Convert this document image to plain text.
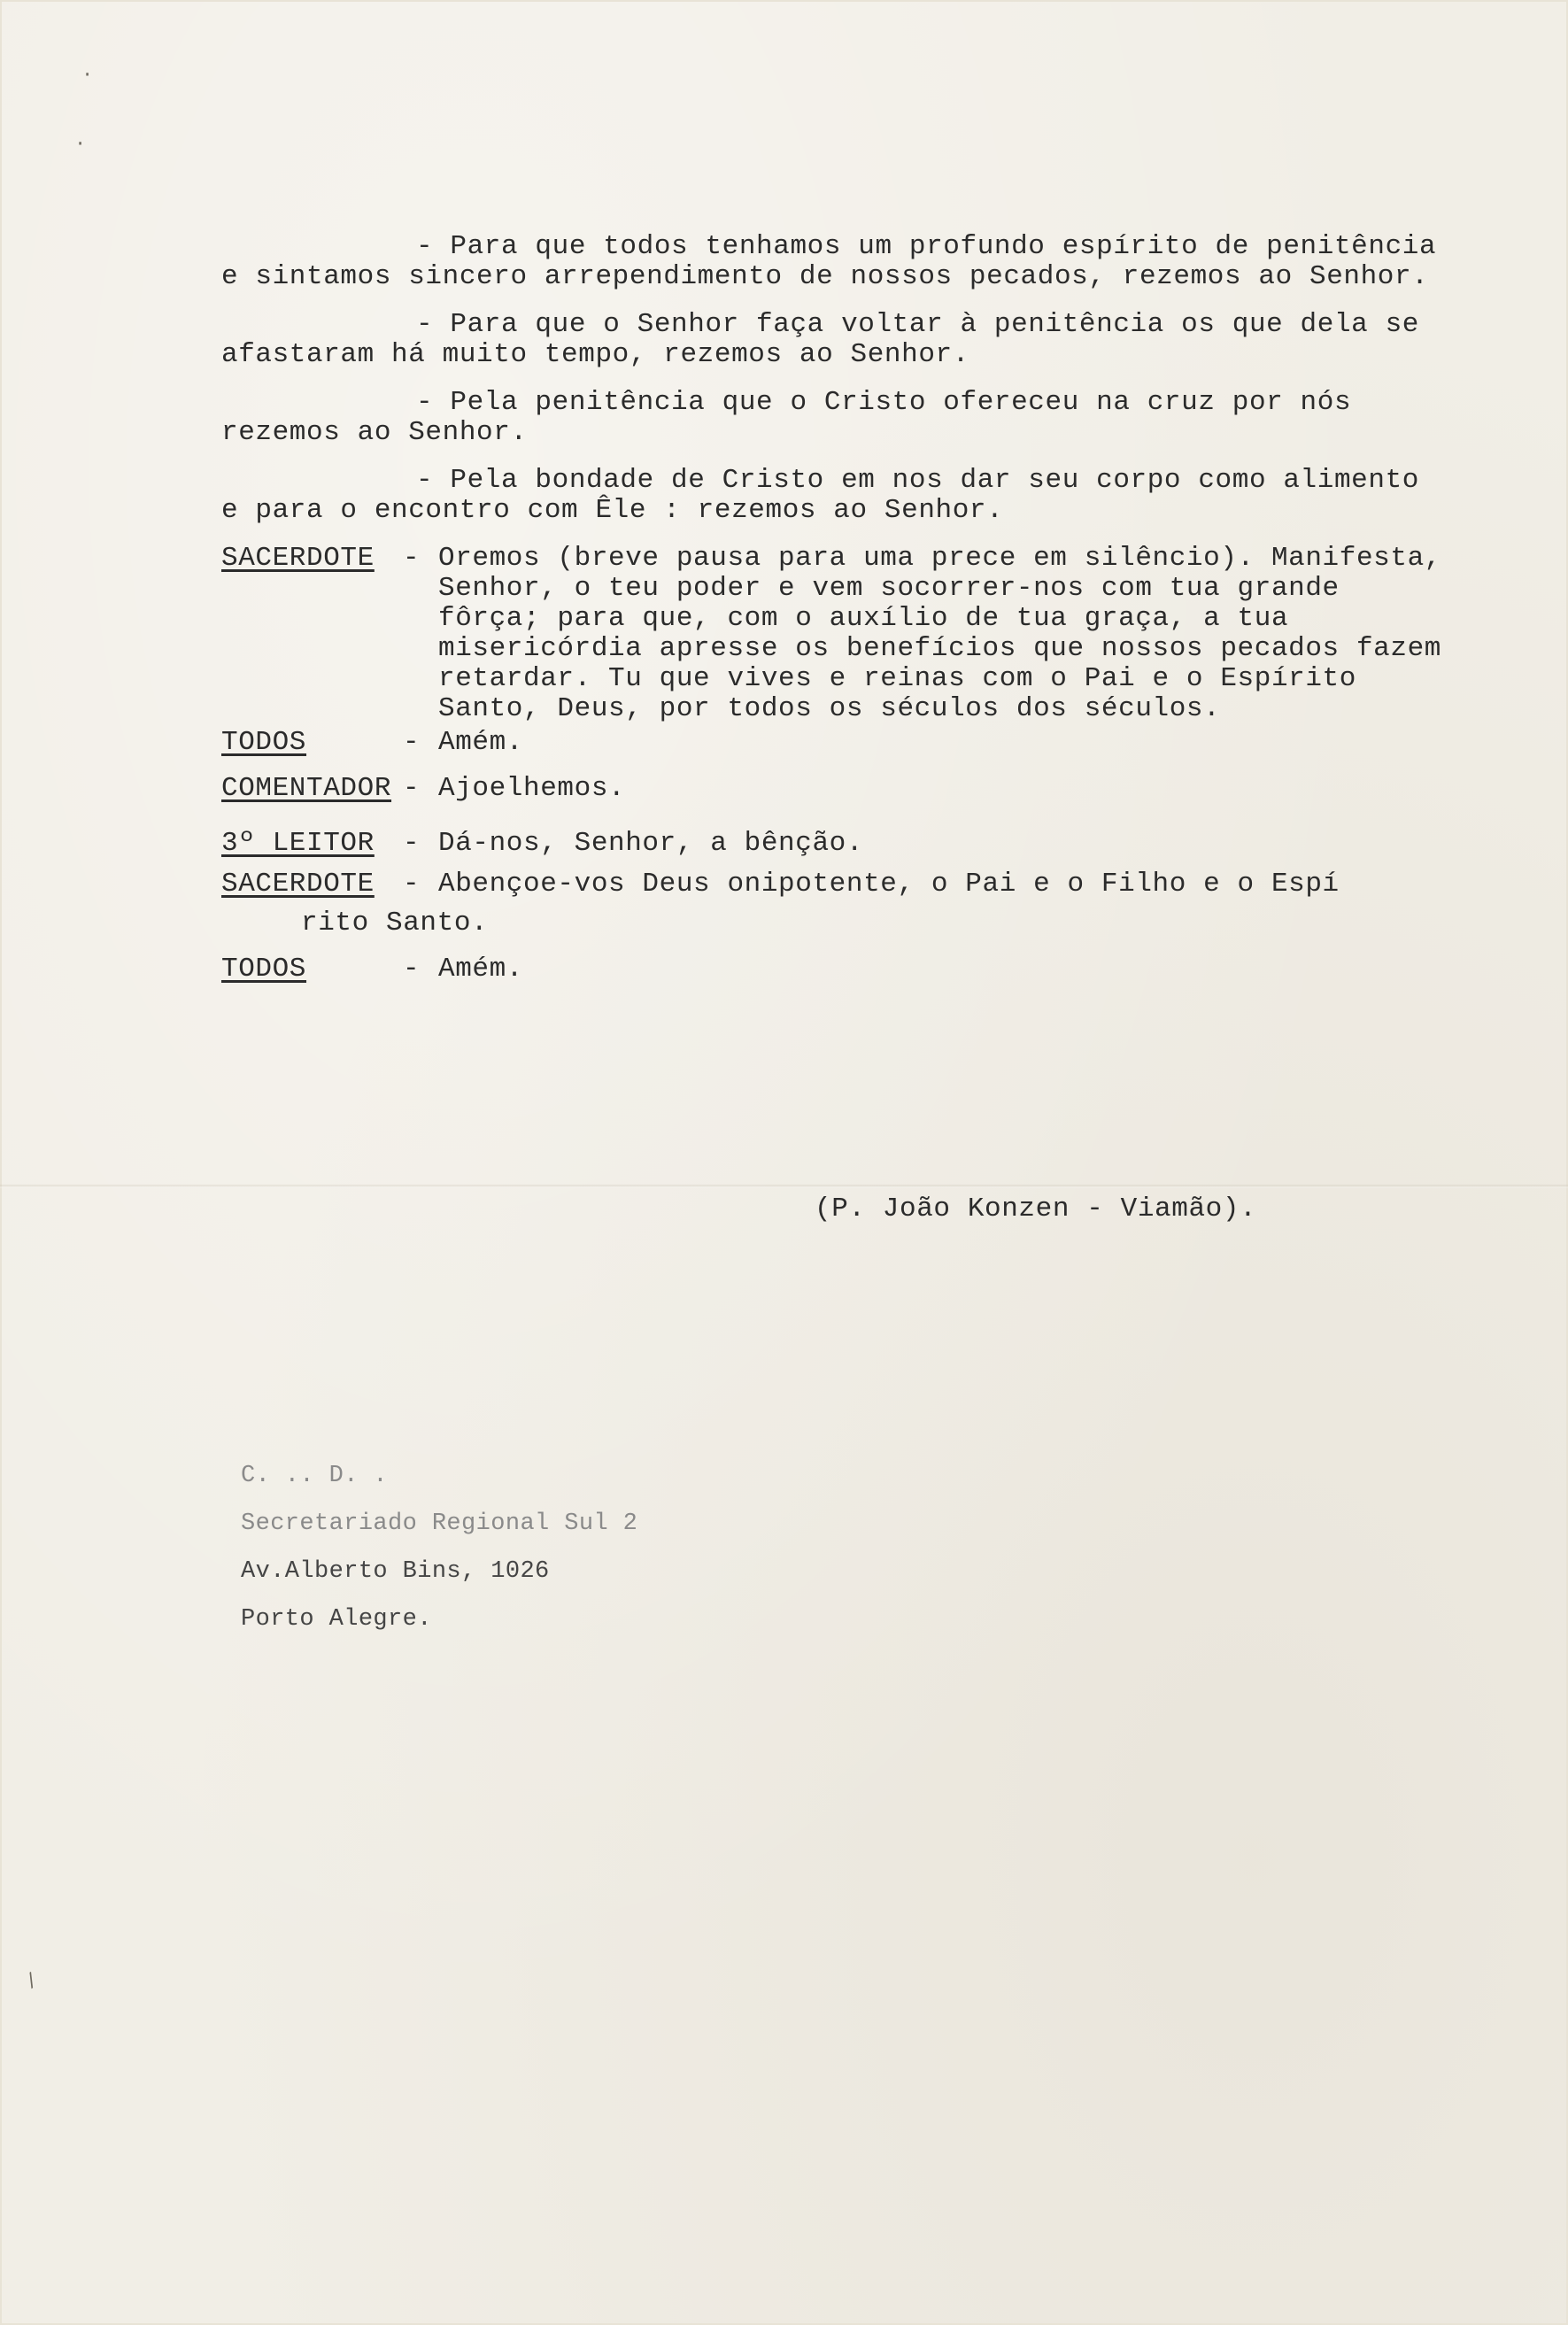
- Para que todos tenhamos um profundo espírito de penitência e sintamos sincero arrependimento de nossos pecados, rezemos ao Senhor.

- Para que o Senhor faça voltar à penitência os que dela se afastaram há muito tempo, rezemos ao Senhor.

- Pela penitência que o Cristo ofereceu na cruz por nós rezemos ao Senhor.

- Pela bondade de Cristo em nos dar seu corpo como alimento e para o encontro com Êle : rezemos ao Senhor.

SACERDOTE	- Oremos (breve pausa para uma prece em silêncio). Manifesta, Senhor, o teu poder e vem socorrer-nos com tua grande fôrça; para que, com o auxílio de tua graça, a tua misericórdia apresse os benefícios que nossos pecados fazem retardar. Tu que vives e reinas com o Pai e o Espírito Santo, Deus, por todos os séculos dos séculos.
TODOS	- Amém.
COMENTADOR - Ajoelhemos.
3º LEITOR	- Dá-nos, Senhor, a bênção.
SACERDOTE	- Abençoe-vos Deus onipotente, o Pai e o Filho e o Espí
rito Santo.
TODOS	- Amém.
(P. João Konzen - Viamão).
C. .. D. .
Secretariado Regional Sul 2
Av.Alberto Bins, 1026
Porto Alegre.
·
·
/
